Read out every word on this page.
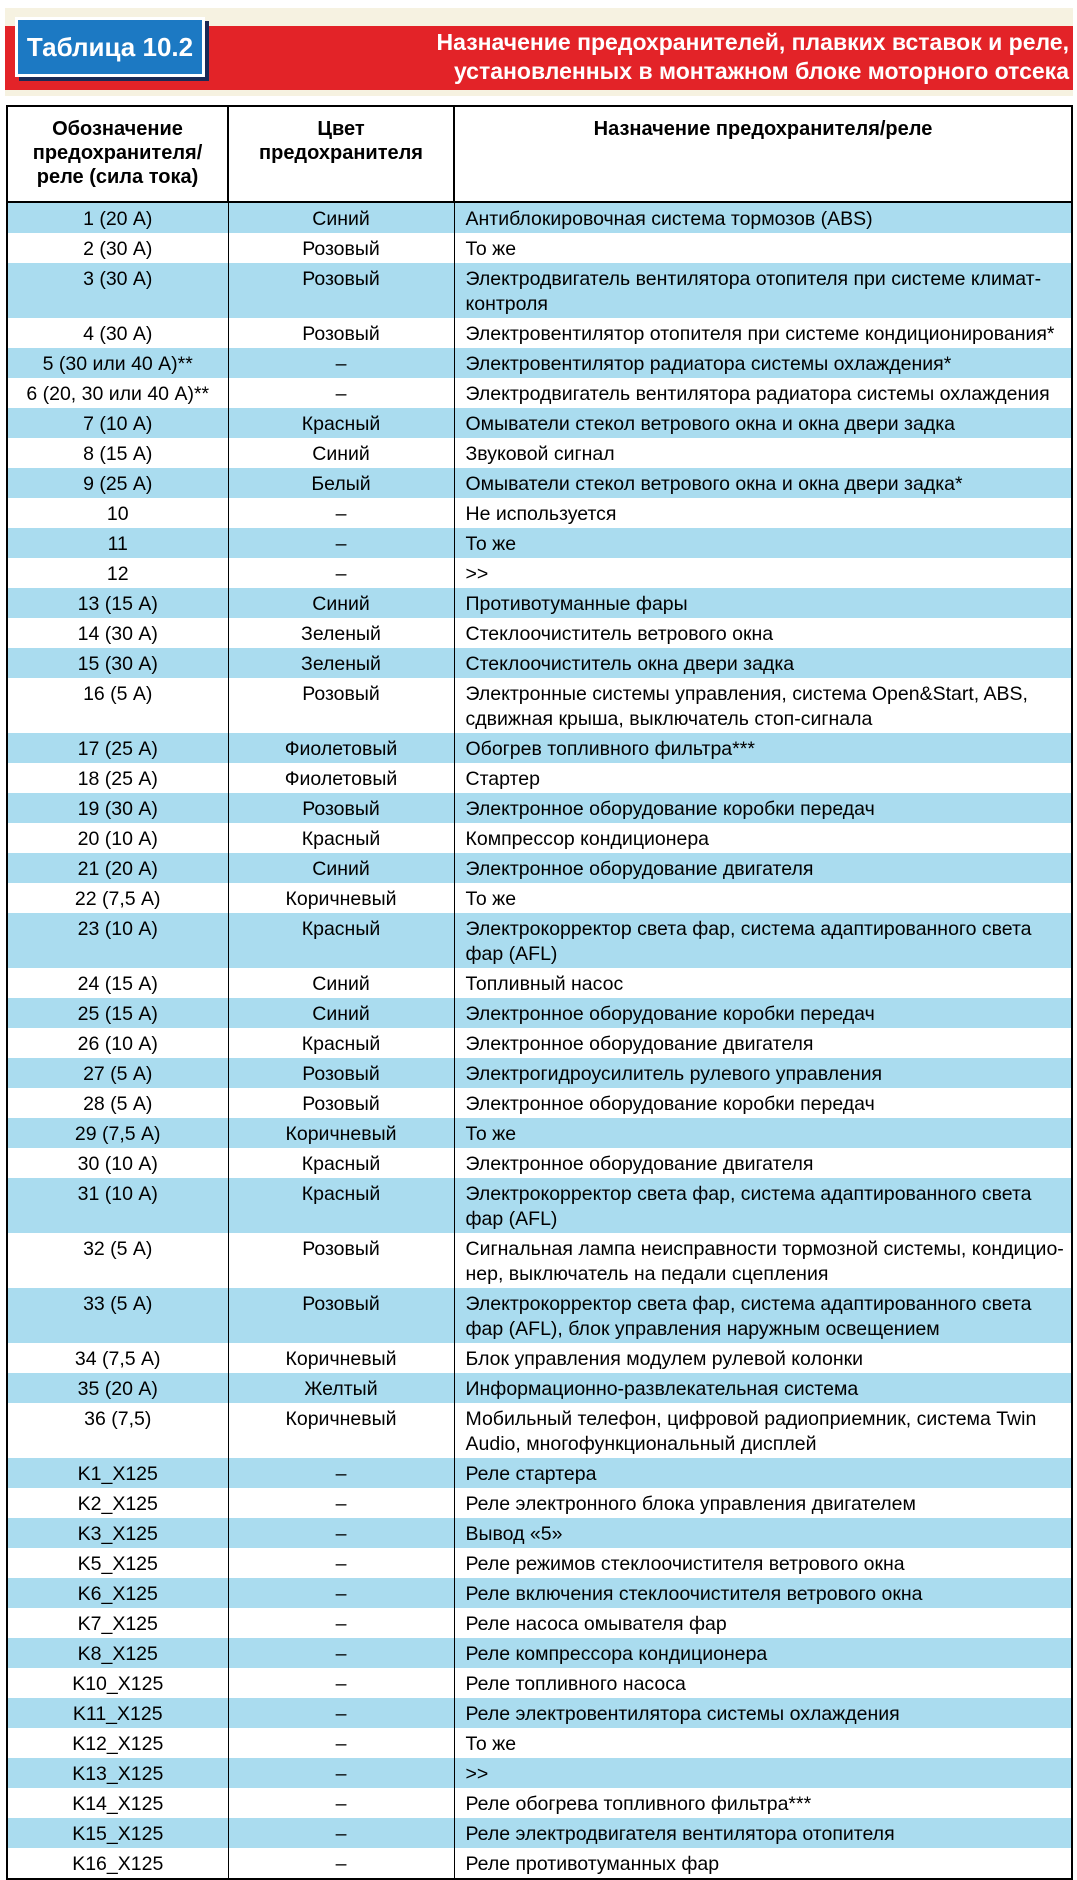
Таблица 10.2	Назначение предохранителей, плавких вставок и реле,
установленных в монтажном блоке моторного отсека
Обозначение предохранителя/ реле (сила тока)	Цвет предохранителя	Назначение предохранителя/реле
1 (20 А)	Синий	Антиблокировочная система тормозов (ABS)
2 (30 А)	Розовый	То же
3 (30 А)	Розовый	Электродвигатель вентилятора отопителя при системе климат-контроля
4 (30 А)	Розовый	Электровентилятор отопителя при системе кондиционирования*
5 (30 или 40 А)**	–	Электровентилятор радиатора системы охлаждения*
6 (20, 30 или 40 А)**	–	Электродвигатель вентилятора радиатора системы охлаждения
7 (10 А)	Красный	Омыватели стекол ветрового окна и окна двери задка
8 (15 А)	Синий	Звуковой сигнал
9 (25 А)	Белый	Омыватели стекол ветрового окна и окна двери задка*
10	–	Не используется
11	–	То же
12	–	>>
13 (15 А)	Синий	Противотуманные фары
14 (30 А)	Зеленый	Стеклоочиститель ветрового окна
15 (30 А)	Зеленый	Стеклоочиститель окна двери задка
16 (5 А)	Розовый	Электронные системы управления, система Open&Start, ABS, сдвижная крыша, выключатель стоп-сигнала
17 (25 А)	Фиолетовый	Обогрев топливного фильтра***
18 (25 А)	Фиолетовый	Стартер
19 (30 А)	Розовый	Электронное оборудование коробки передач
20 (10 А)	Красный	Компрессор кондиционера
21 (20 А)	Синий	Электронное оборудование двигателя
22 (7,5 А)	Коричневый	То же
23 (10 А)	Красный	Электрокорректор света фар, система адаптированного света фар (AFL)
24 (15 А)	Синий	Топливный насос
25 (15 А)	Синий	Электронное оборудование коробки передач
26 (10 А)	Красный	Электронное оборудование двигателя
27 (5 А)	Розовый	Электрогидроусилитель рулевого управления
28 (5 А)	Розовый	Электронное оборудование коробки передач
29 (7,5 А)	Коричневый	То же
30 (10 А)	Красный	Электронное оборудование двигателя
31 (10 А)	Красный	Электрокорректор света фар, система адаптированного света фар (AFL)
32 (5 А)	Розовый	Сигнальная лампа неисправности тормозной системы, кондицио-нер, выключатель на педали сцепления
33 (5 А)	Розовый	Электрокорректор света фар, система адаптированного света фар (AFL), блок управления наружным освещением
34 (7,5 А)	Коричневый	Блок управления модулем рулевой колонки
35 (20 А)	Желтый	Информационно-развлекательная система
36 (7,5)	Коричневый	Мобильный телефон, цифровой радиоприемник, система Twin Audio, многофункциональный дисплей
K1_X125	–	Реле стартера
K2_X125	–	Реле электронного блока управления двигателем
K3_X125	–	Вывод «5»
K5_X125	–	Реле режимов стеклоочистителя ветрового окна
K6_X125	–	Реле включения стеклоочистителя ветрового окна
K7_X125	–	Реле насоса омывателя фар
K8_X125	–	Реле компрессора кондиционера
K10_X125	–	Реле топливного насоса
K11_X125	–	Реле электровентилятора системы охлаждения
K12_X125	–	То же
K13_X125	–	>>
K14_X125	–	Реле обогрева топливного фильтра***
K15_X125	–	Реле электродвигателя вентилятора отопителя
K16_X125	–	Реле противотуманных фар
